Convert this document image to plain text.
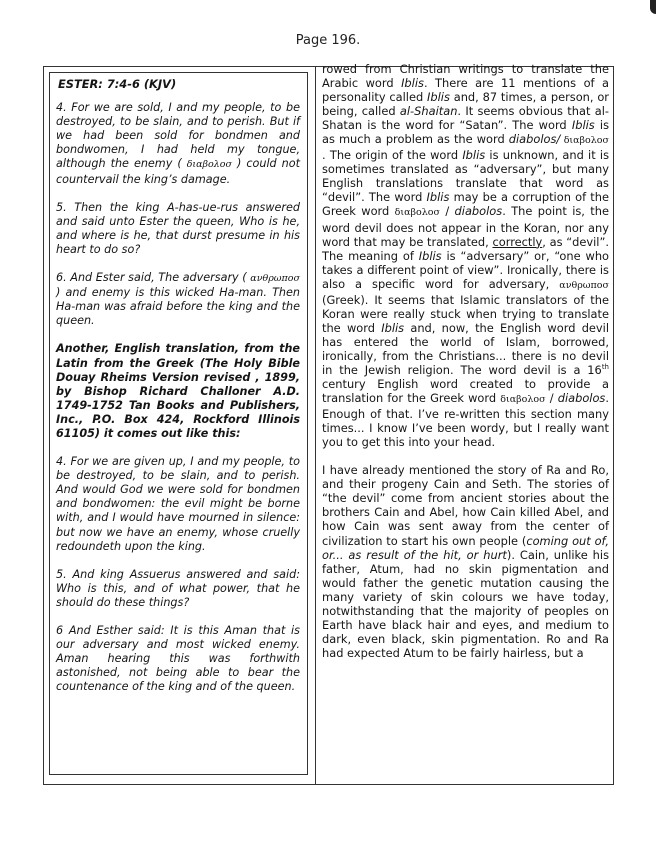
Page 196.
ESTER: 7:4-6 (KJV)

4. For we are sold, I and my people, to be destroyed, to be slain, and to perish. But if we had been sold for bondmen and bondwomen, I had held my tongue, although the enemy ( διαβολοσ ) could not countervail the king’s damage.

5. Then the king A-has-ue-rus answered and said unto Ester the queen, Who is he, and where is he, that durst presume in his heart to do so?

6. And Ester said, The adversary ( ανθρωποσ ) and enemy is this wicked Ha-man. Then Ha-man was afraid before the king and the queen.

Another, English translation, from the Latin from the Greek (The Holy Bible Douay Rheims Version revised , 1899, by Bishop Richard Challoner A.D. 1749-1752 Tan Books and Publishers, Inc., P.O. Box 424, Rockford Illinois 61105) it comes out like this:

4. For we are given up, I and my people, to be destroyed, to be slain, and to perish. And would God we were sold for bondmen and bondwomen: the evil might be borne with, and I would have mourned in silence: but now we have an enemy, whose cruelly redoundeth upon the king.

5. And king Assuerus answered and said: Who is this, and of what power, that he should do these things?

6 And Esther said: It is this Aman that is our adversary and most wicked enemy. Aman hearing this was forthwith astonished, not being able to bear the countenance of the king and of the queen.

rowed from Christian writings to translate the Arabic word Iblis. There are 11 mentions of a personality called Iblis and, 87 times, a person, or being, called al-Shaitan. It seems obvious that al-Shatan is the word for “Satan”. The word Iblis is as much a problem as the word diabolos/ διαβολοσ . The origin of the word Iblis is unknown, and it is sometimes translated as “adversary”, but many English translations translate that word as “devil”. The word Iblis may be a corruption of the Greek word διαβολοσ / diabolos. The point is, the word devil does not appear in the Koran, nor any word that may be translated, correctly, as “devil”. The meaning of Iblis is “adversary” or, “one who takes a different point of view”. Ironically, there is also a specific word for adversary, ανθρωποσ (Greek). It seems that Islamic translators of the Koran were really stuck when trying to translate the word Iblis and, now, the English word devil has entered the world of Islam, borrowed, ironically, from the Christians... there is no devil in the Jewish religion. The word devil is a 16th century English word created to provide a translation for the Greek word διαβολοσ / diabolos. Enough of that. I’ve re-written this section many times... I know I’ve been wordy, but I really want you to get this into your head.

I have already mentioned the story of Ra and Ro, and their progeny Cain and Seth. The stories of “the devil” come from ancient stories about the brothers Cain and Abel, how Cain killed Abel, and how Cain was sent away from the center of civilization to start his own people (coming out of, or... as result of the hit, or hurt). Cain, unlike his father, Atum, had no skin pigmentation and would father the genetic mutation causing the many variety of skin colours we have today, notwithstanding that the majority of peoples on Earth have black hair and eyes, and medium to dark, even black, skin pigmentation. Ro and Ra had expected Atum to be fairly hairless, but a
